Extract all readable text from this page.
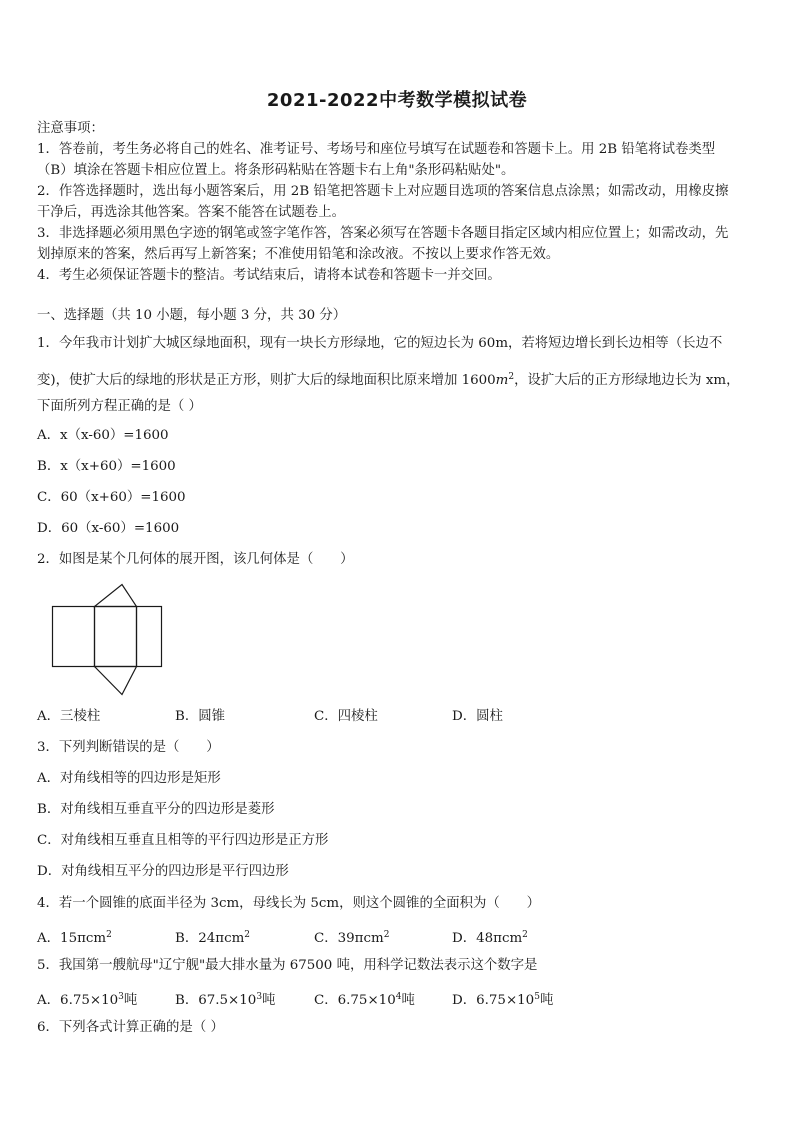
2021-2022中考数学模拟试卷
注意事项：
1．答卷前，考生务必将自己的姓名、准考证号、考场号和座位号填写在试题卷和答题卡上。用 2B 铅笔将试卷类型
（B）填涂在答题卡相应位置上。将条形码粘贴在答题卡右上角"条形码粘贴处"。
2．作答选择题时，选出每小题答案后，用 2B 铅笔把答题卡上对应题目选项的答案信息点涂黑；如需改动，用橡皮擦
干净后，再选涂其他答案。答案不能答在试题卷上。
3．非选择题必须用黑色字迹的钢笔或签字笔作答，答案必须写在答题卡各题目指定区域内相应位置上；如需改动，先
划掉原来的答案，然后再写上新答案；不准使用铅笔和涂改液。不按以上要求作答无效。
4．考生必须保证答题卡的整洁。考试结束后，请将本试卷和答题卡一并交回。
一、选择题（共 10 小题，每小题 3 分，共 30 分）
1．今年我市计划扩大城区绿地面积，现有一块长方形绿地，它的短边长为 60m，若将短边增长到长边相等（长边不
变)，使扩大后的绿地的形状是正方形，则扩大后的绿地面积比原来增加 $1600m^2$，设扩大后的正方形绿地边长为 xm，
下面所列方程正确的是（ ）
A．x（x-60）=1600
B．x（x+60）=1600
C．60（x+60）=1600
D．60（x-60）=1600
2．如图是某个几何体的展开图，该几何体是（　　）
A．三棱柱	B．圆锥	C．四棱柱	D．圆柱
3．下列判断错误的是（　　）
A．对角线相等的四边形是矩形
B．对角线相互垂直平分的四边形是菱形
C．对角线相互垂直且相等的平行四边形是正方形
D．对角线相互平分的四边形是平行四边形
4．若一个圆锥的底面半径为 3cm，母线长为 5cm，则这个圆锥的全面积为（　　）
A．15πcm$^2$	B．24πcm$^2$	C．39πcm$^2$	D．48πcm$^2$
5．我国第一艘航母"辽宁舰"最大排水量为 67500 吨，用科学记数法表示这个数字是
A．$6.75\times 10^3$吨	B．$67.5\times 10^3$吨	C．$6.75\times 10^4$吨	D．$6.75\times 10^5$吨
6．下列各式计算正确的是（ ）
